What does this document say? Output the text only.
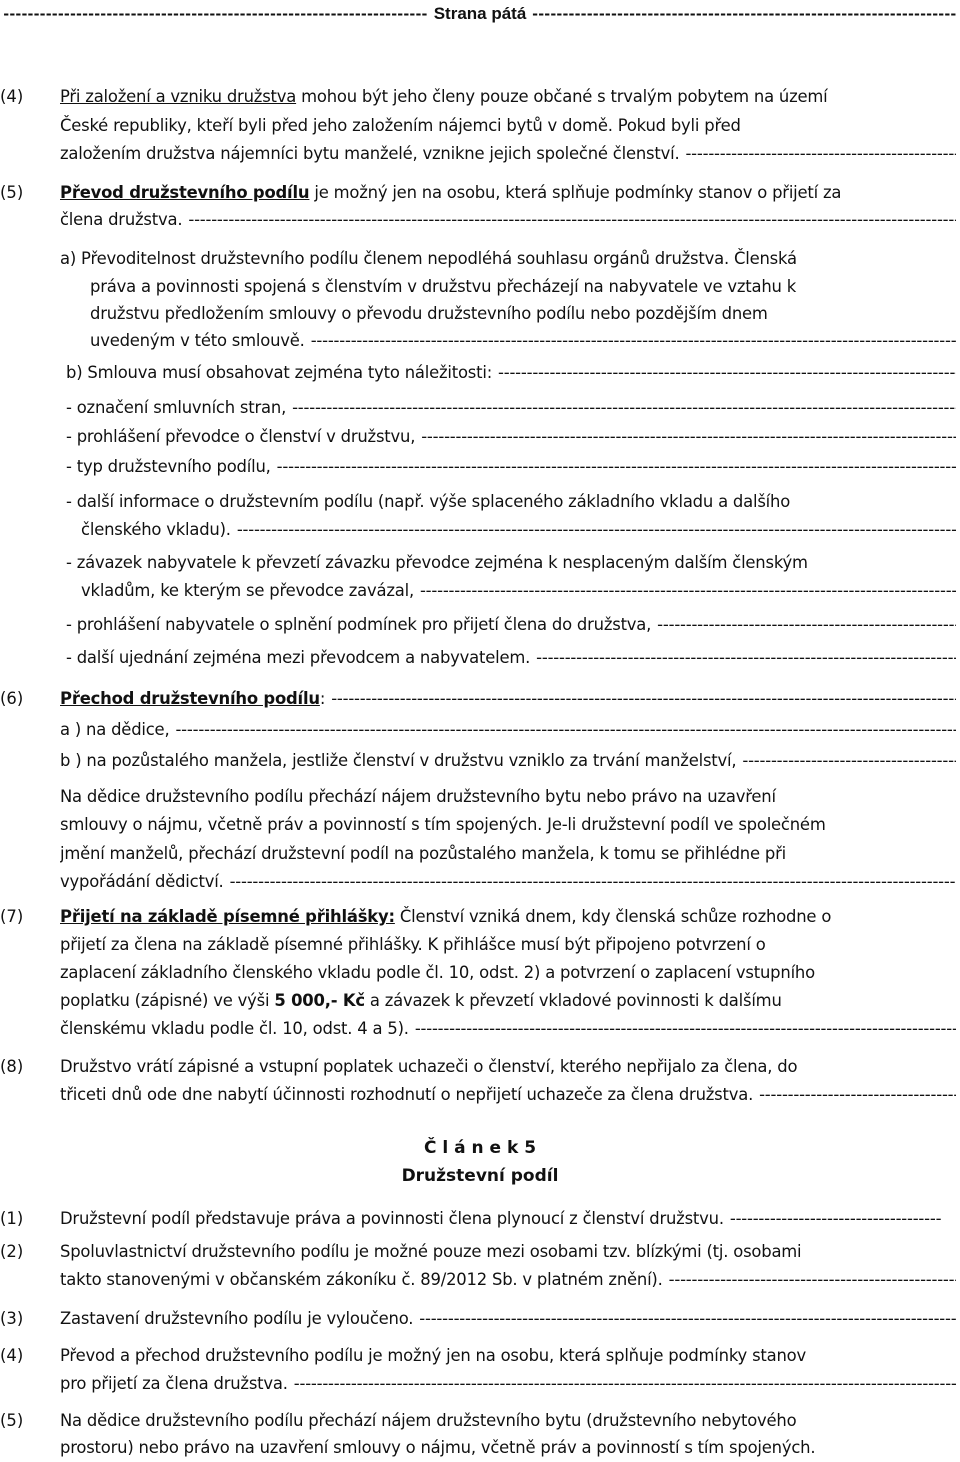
-----
Strana pátá
-----
(4) Při založení a vzniku družstva mohou být jeho členy pouze občané s trvalým pobytem na území
České republiky, kteří byli před jeho založením nájemci bytů v domě. Pokud byli před
založením družstva nájemníci bytu manželé, vznikne jejich společné členství.
-----
(5) Převod družstevního podílu je možný jen na osobu, která splňuje podmínky stanov o přijetí za
člena družstva.
-----
a) Převoditelnost družstevního podílu členem nepodléhá souhlasu orgánů družstva. Členská
práva a povinnosti spojená s členstvím v družstvu přecházejí na nabyvatele ve vztahu k
družstvu předložením smlouvy o převodu družstevního podílu nebo pozdějším dnem
uvedeným v této smlouvě.
-----
b) Smlouva musí obsahovat zejména tyto náležitosti:
-----
- označení smluvních stran,
-----
- prohlášení převodce o členství v družstvu,
-----
- typ družstevního podílu,
-----
- další informace o družstevním podílu (např. výše splaceného základního vkladu a dalšího
členského vkladu).
-----
- závazek nabyvatele k převzetí závazku převodce zejména k nesplaceným dalším členským
vkladům, ke kterým se převodce zavázal,
-----
- prohlášení nabyvatele o splnění podmínek pro přijetí člena do družstva,
-----
- další ujednání zejména mezi převodcem a nabyvatelem.
-----
(6) Přechod družstevního podílu:
-----
a ) na dědice,
-----
b ) na pozůstalého manžela, jestliže členství v družstvu vzniklo za trvání manželství,
-----
Na dědice družstevního podílu přechází nájem družstevního bytu nebo právo na uzavření
smlouvy o nájmu, včetně práv a povinností s tím spojených. Je-li družstevní podíl ve společném
jmění manželů, přechází družstevní podíl na pozůstalého manžela, k tomu se přihlédne při
vypořádání dědictví.
-----
(7) Přijetí na základě písemné přihlášky: Členství vzniká dnem, kdy členská schůze rozhodne o
přijetí za člena na základě písemné přihlášky. K přihlášce musí být připojeno potvrzení o
zaplacení základního členského vkladu podle čl. 10, odst. 2) a potvrzení o zaplacení vstupního
poplatku (zápisné) ve výši 5 000,- Kč a závazek k převzetí vkladové povinnosti k dalšímu
členskému vkladu podle čl. 10, odst. 4 a 5).
-----
(8) Družstvo vrátí zápisné a vstupní poplatek uchazeči o členství, kterého nepřijalo za člena, do
třiceti dnů ode dne nabytí účinnosti rozhodnutí o nepřijetí uchazeče za člena družstva.
-----
Č l á n e k 5
Družstevní podíl
(1) Družstevní podíl představuje práva a povinnosti člena plynoucí z členství družstvu.
-----
(2) Spoluvlastnictví družstevního podílu je možné pouze mezi osobami tzv. blízkými (tj. osobami
takto stanovenými v občanském zákoníku č. 89/2012 Sb. v platném znění).
-----
(3) Zastavení družstevního podílu je vyloučeno.
-----
(4) Převod a přechod družstevního podílu je možný jen na osobu, která splňuje podmínky stanov
pro přijetí za člena družstva.
-----
(5) Na dědice družstevního podílu přechází nájem družstevního bytu (družstevního nebytového
prostoru) nebo právo na uzavření smlouvy o nájmu, včetně práv a povinností s tím spojených.
